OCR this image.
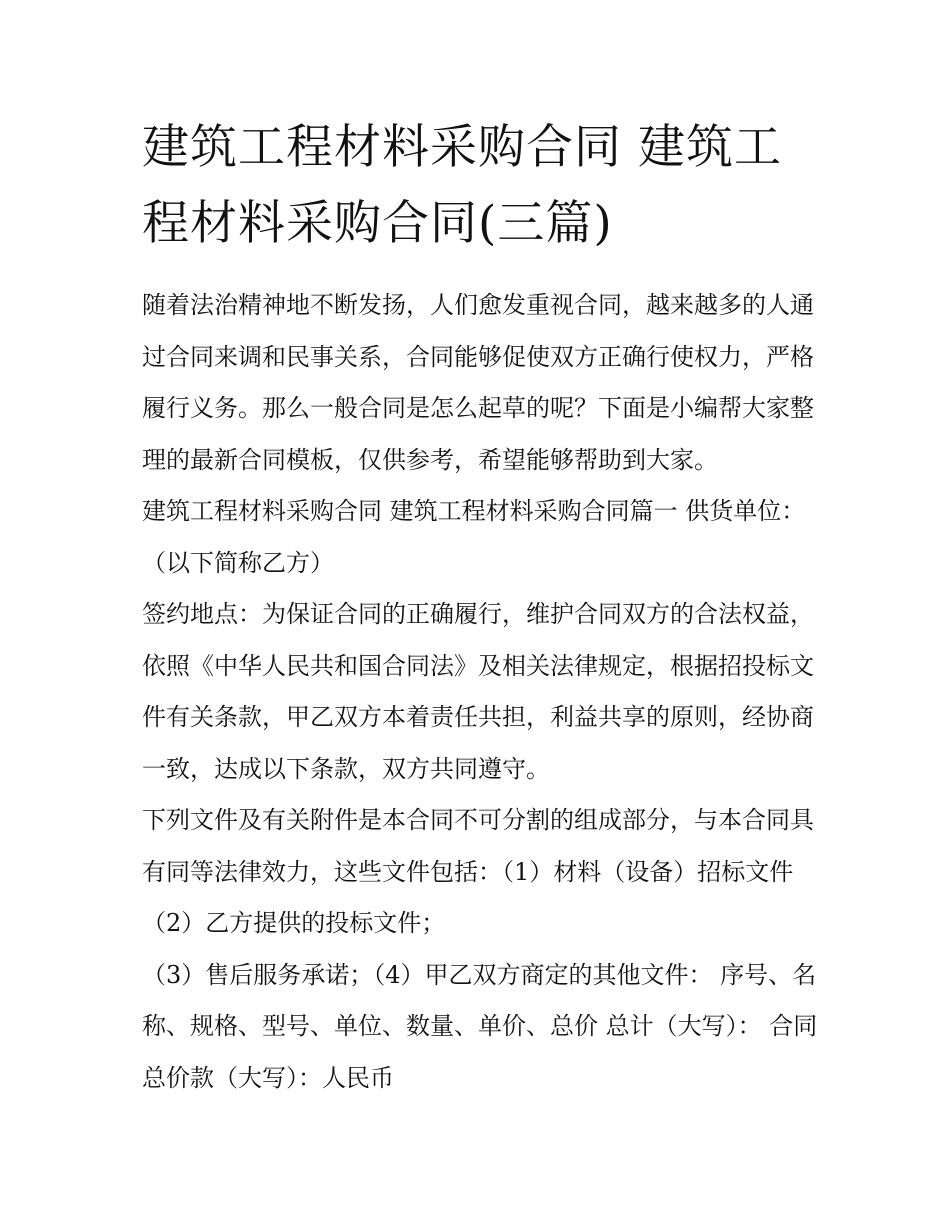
建筑工程材料采购合同 建筑工程材料采购合同(三篇)

随着法治精神地不断发扬，人们愈发重视合同，越来越多的人通过合同来调和民事关系，合同能够促使双方正确行使权力，严格履行义务。那么一般合同是怎么起草的呢？下面是小编帮大家整理的最新合同模板，仅供参考，希望能够帮助到大家。

建筑工程材料采购合同 建筑工程材料采购合同篇一 供货单位：（以下简称乙方）

签约地点：为保证合同的正确履行，维护合同双方的合法权益，依照《中华人民共和国合同法》及相关法律规定，根据招投标文件有关条款，甲乙双方本着责任共担，利益共享的原则，经协商一致，达成以下条款，双方共同遵守。

下列文件及有关附件是本合同不可分割的组成部分，与本合同具有同等法律效力，这些文件包括：（1）材料（设备）招标文件 （2）乙方提供的投标文件；

（3）售后服务承诺；（4）甲乙双方商定的其他文件： 序号、名称、规格、型号、单位、数量、单价、总价 总计（大写）： 合同总价款（大写）：人民币
